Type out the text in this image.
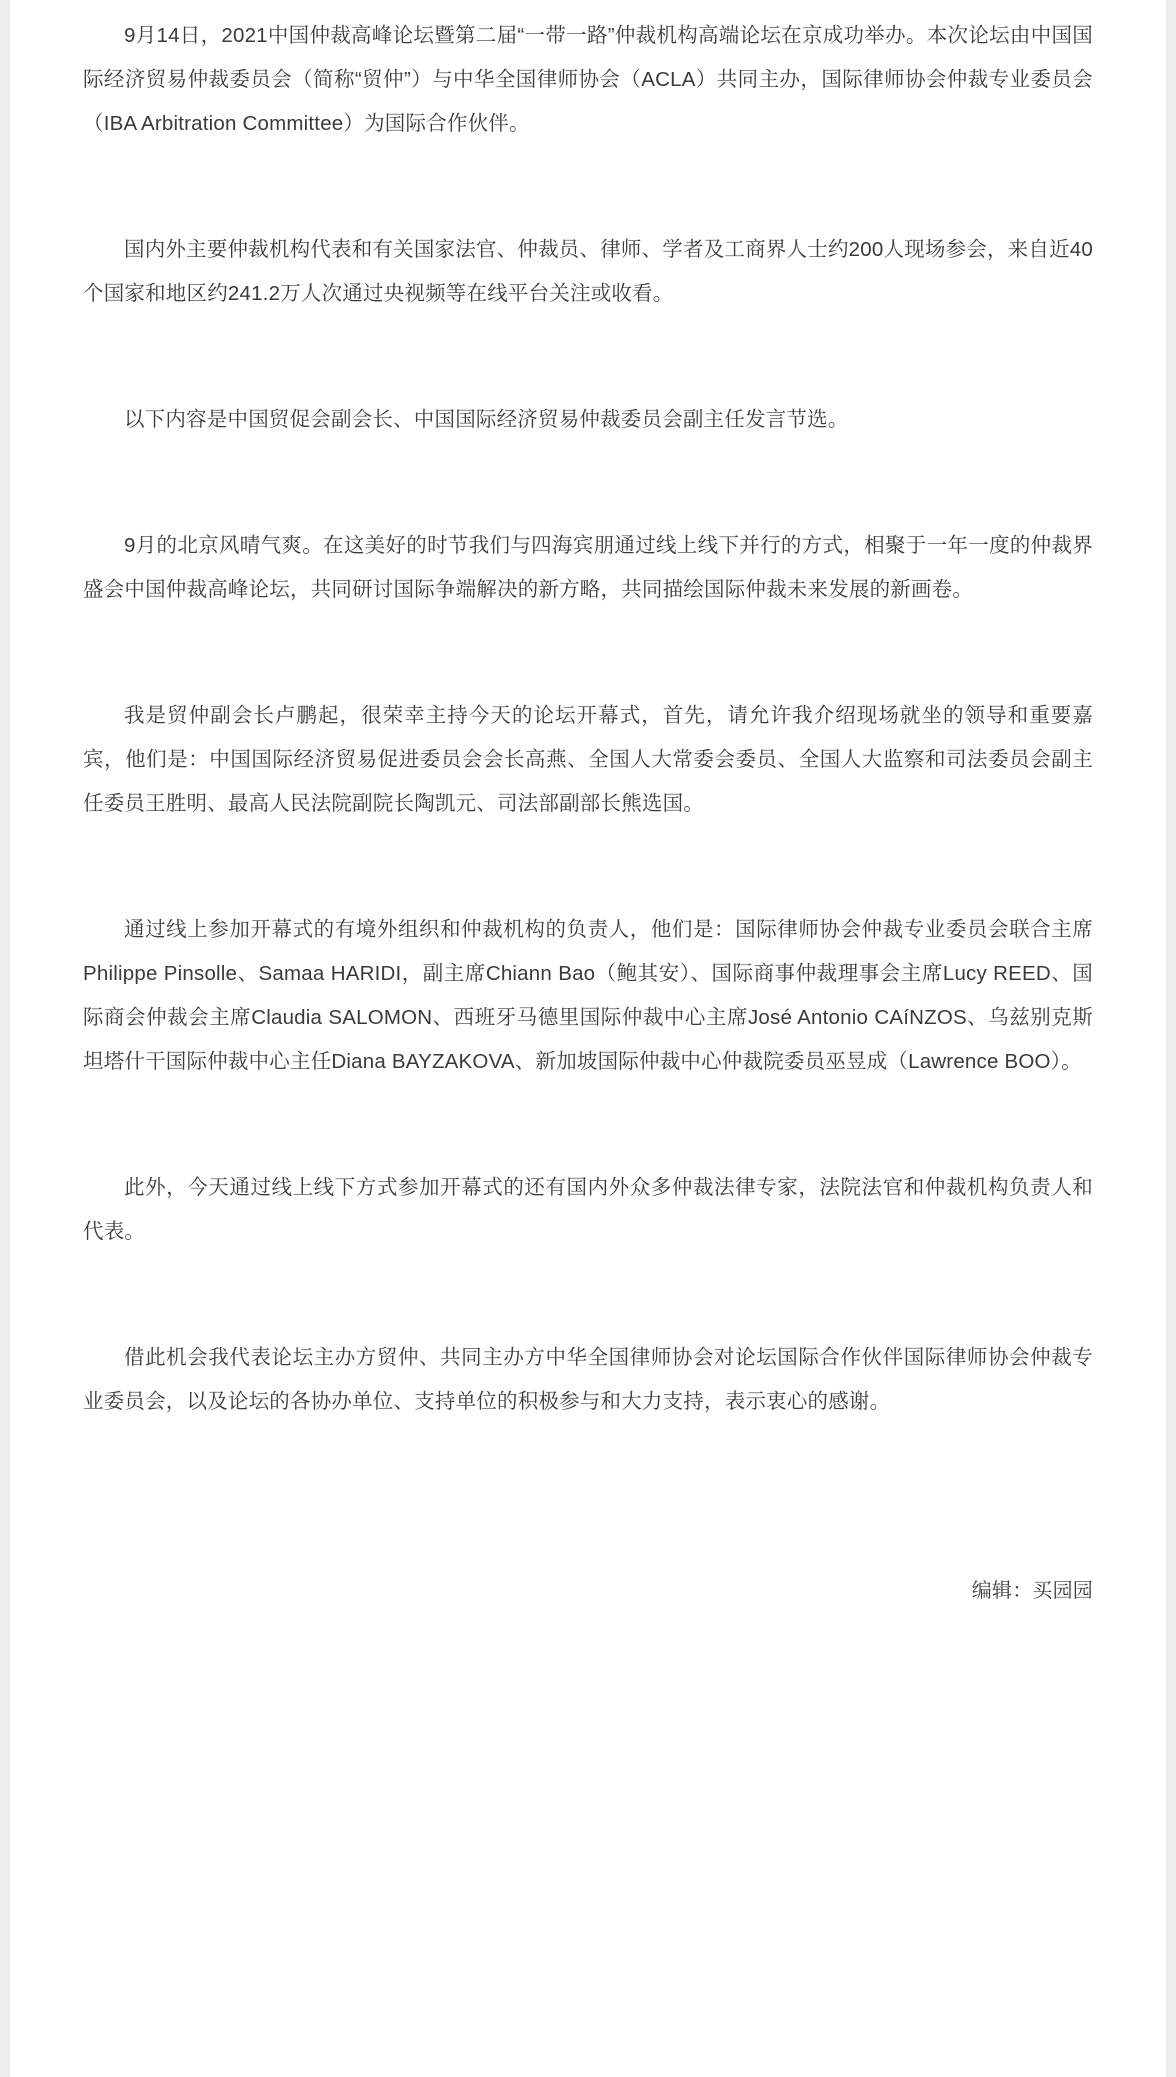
9月14日，2021中国仲裁高峰论坛暨第二届“一带一路”仲裁机构高端论坛在京成功举办。本次论坛由中国国际经济贸易仲裁委员会（简称“贸仲”）与中华全国律师协会（ACLA）共同主办，国际律师协会仲裁专业委员会（IBA Arbitration Committee）为国际合作伙伴。

国内外主要仲裁机构代表和有关国家法官、仲裁员、律师、学者及工商界人士约200人现场参会，来自近40个国家和地区约241.2万人次通过央视频等在线平台关注或收看。

以下内容是中国贸促会副会长、中国国际经济贸易仲裁委员会副主任发言节选。

9月的北京风晴气爽。在这美好的时节我们与四海宾朋通过线上线下并行的方式，相聚于一年一度的仲裁界盛会中国仲裁高峰论坛，共同研讨国际争端解决的新方略，共同描绘国际仲裁未来发展的新画卷。

我是贸仲副会长卢鹏起，很荣幸主持今天的论坛开幕式，首先，请允许我介绍现场就坐的领导和重要嘉宾，他们是：中国国际经济贸易促进委员会会长高燕、全国人大常委会委员、全国人大监察和司法委员会副主任委员王胜明、最高人民法院副院长陶凯元、司法部副部长熊选国。

通过线上参加开幕式的有境外组织和仲裁机构的负责人，他们是：国际律师协会仲裁专业委员会联合主席Philippe Pinsolle、Samaa HARIDI，副主席Chiann Bao（鲍其安）、国际商事仲裁理事会主席Lucy REED、国际商会仲裁会主席Claudia SALOMON、西班牙马德里国际仲裁中心主席José Antonio CAíNZOS、乌兹别克斯坦塔什干国际仲裁中心主任Diana BAYZAKOVA、新加坡国际仲裁中心仲裁院委员巫昱成（Lawrence BOO）。

此外，今天通过线上线下方式参加开幕式的还有国内外众多仲裁法律专家，法院法官和仲裁机构负责人和代表。

借此机会我代表论坛主办方贸仲、共同主办方中华全国律师协会对论坛国际合作伙伴国际律师协会仲裁专业委员会，以及论坛的各协办单位、支持单位的积极参与和大力支持，表示衷心的感谢。

编辑：买园园
